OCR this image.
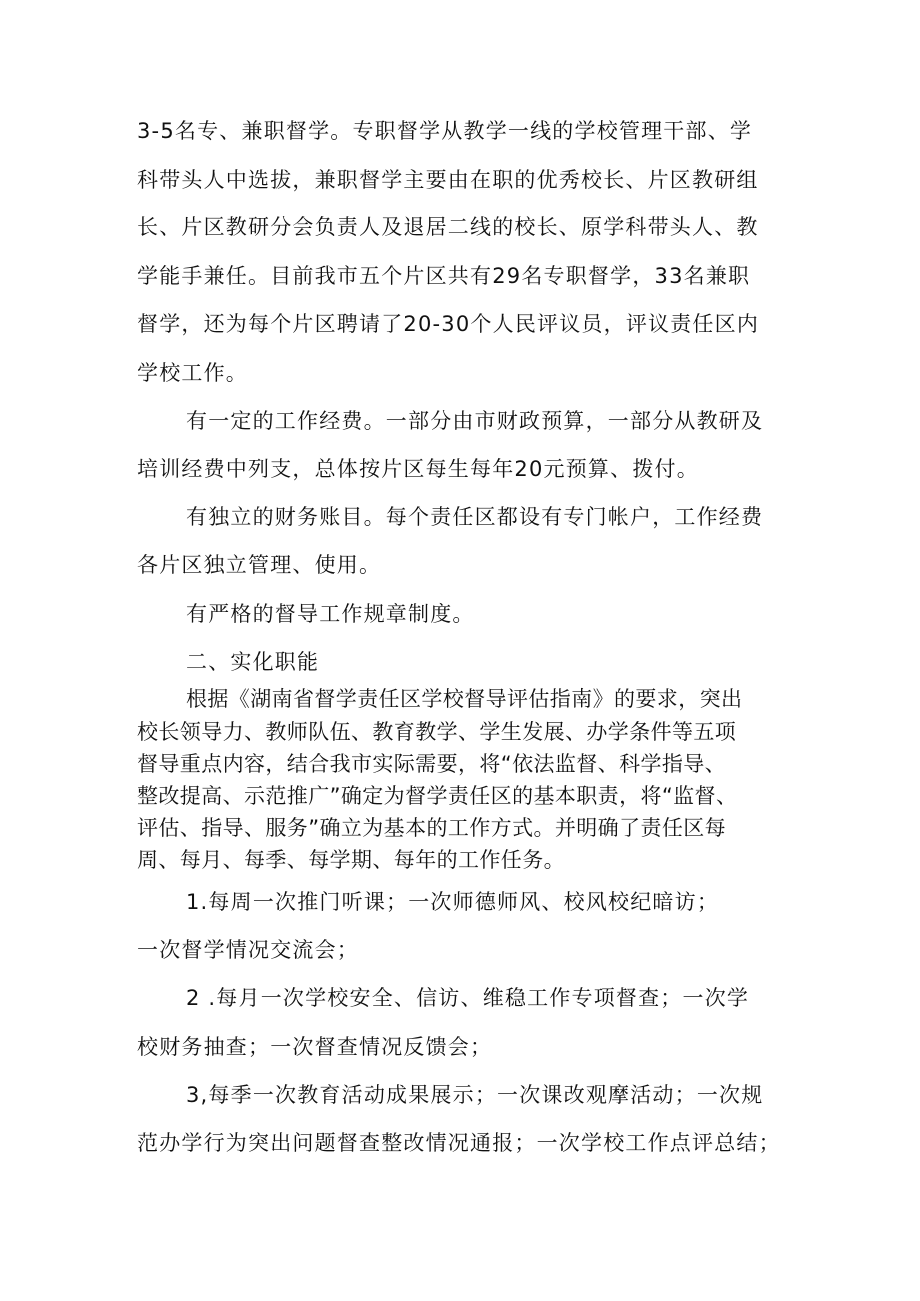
3-5名专、兼职督学。专职督学从教学一线的学校管理干部、学
科带头人中选拔，兼职督学主要由在职的优秀校长、片区教研组
长、片区教研分会负责人及退居二线的校长、原学科带头人、教
学能手兼任。目前我市五个片区共有29名专职督学，33名兼职
督学，还为每个片区聘请了20-30个人民评议员，评议责任区内
学校工作。
有一定的工作经费。一部分由市财政预算，一部分从教研及
培训经费中列支，总体按片区每生每年20元预算、拨付。
有独立的财务账目。每个责任区都设有专门帐户，工作经费
各片区独立管理、使用。
有严格的督导工作规章制度。
二、实化职能
根据《湖南省督学责任区学校督导评估指南》的要求，突出
校长领导力、教师队伍、教育教学、学生发展、办学条件等五项
督导重点内容，结合我市实际需要，将“依法监督、科学指导、
整改提高、示范推广”确定为督学责任区的基本职责，将“监督、
评估、指导、服务”确立为基本的工作方式。并明确了责任区每
周、每月、每季、每学期、每年的工作任务。
1.每周一次推门听课；一次师德师风、校风校纪暗访；
一次督学情况交流会；
2 .每月一次学校安全、信访、维稳工作专项督查；一次学
校财务抽查；一次督查情况反馈会；
3,每季一次教育活动成果展示；一次课改观摩活动；一次规
范办学行为突出问题督查整改情况通报；一次学校工作点评总结；
